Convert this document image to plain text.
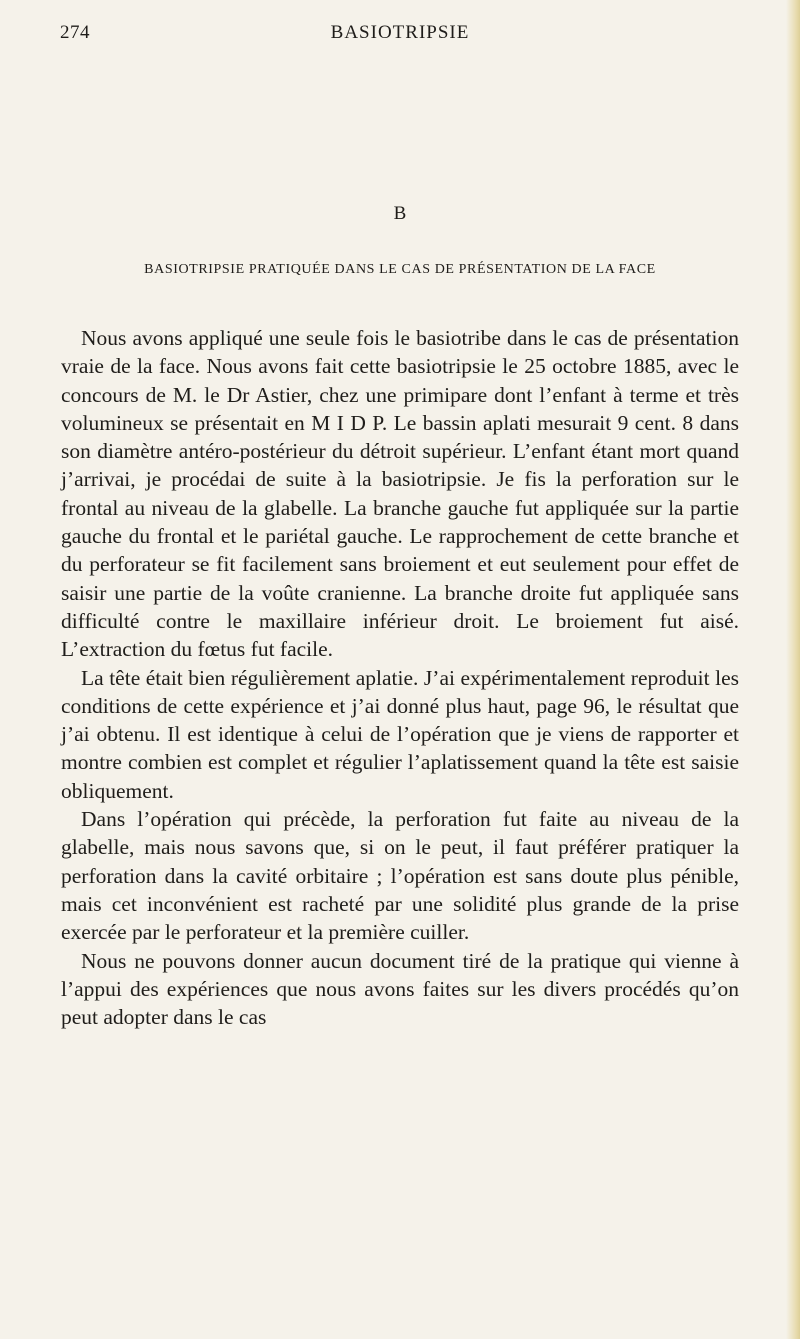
274	BASIOTRIPSIE
B
BASIOTRIPSIE PRATIQUÉE DANS LE CAS DE PRÉSENTATION DE LA FACE

Nous avons appliqué une seule fois le basiotribe dans le cas de présentation vraie de la face. Nous avons fait cette basiotripsie le 25 octobre 1885, avec le concours de M. le Dr Astier, chez une primipare dont l’enfant à terme et très volumineux se présentait en M I D P. Le bassin aplati mesurait 9 cent. 8 dans son diamètre antéro-postérieur du détroit supérieur. L’enfant étant mort quand j’arrivai, je procédai de suite à la basiotripsie. Je fis la perforation sur le frontal au niveau de la glabelle. La branche gauche fut appliquée sur la partie gauche du frontal et le pariétal gauche. Le rapprochement de cette branche et du perforateur se fit facilement sans broiement et eut seulement pour effet de saisir une partie de la voûte cranienne. La branche droite fut appliquée sans difficulté contre le maxillaire inférieur droit. Le broiement fut aisé. L’extraction du fœtus fut facile.

La tête était bien régulièrement aplatie. J’ai expérimentalement reproduit les conditions de cette expérience et j’ai donné plus haut, page 96, le résultat que j’ai obtenu. Il est identique à celui de l’opération que je viens de rapporter et montre combien est complet et régulier l’aplatissement quand la tête est saisie obliquement.

Dans l’opération qui précède, la perforation fut faite au niveau de la glabelle, mais nous savons que, si on le peut, il faut préférer pratiquer la perforation dans la cavité orbitaire ; l’opération est sans doute plus pénible, mais cet inconvénient est racheté par une solidité plus grande de la prise exercée par le perforateur et la première cuiller.

Nous ne pouvons donner aucun document tiré de la pratique qui vienne à l’appui des expériences que nous avons faites sur les divers procédés qu’on peut adopter dans le cas
